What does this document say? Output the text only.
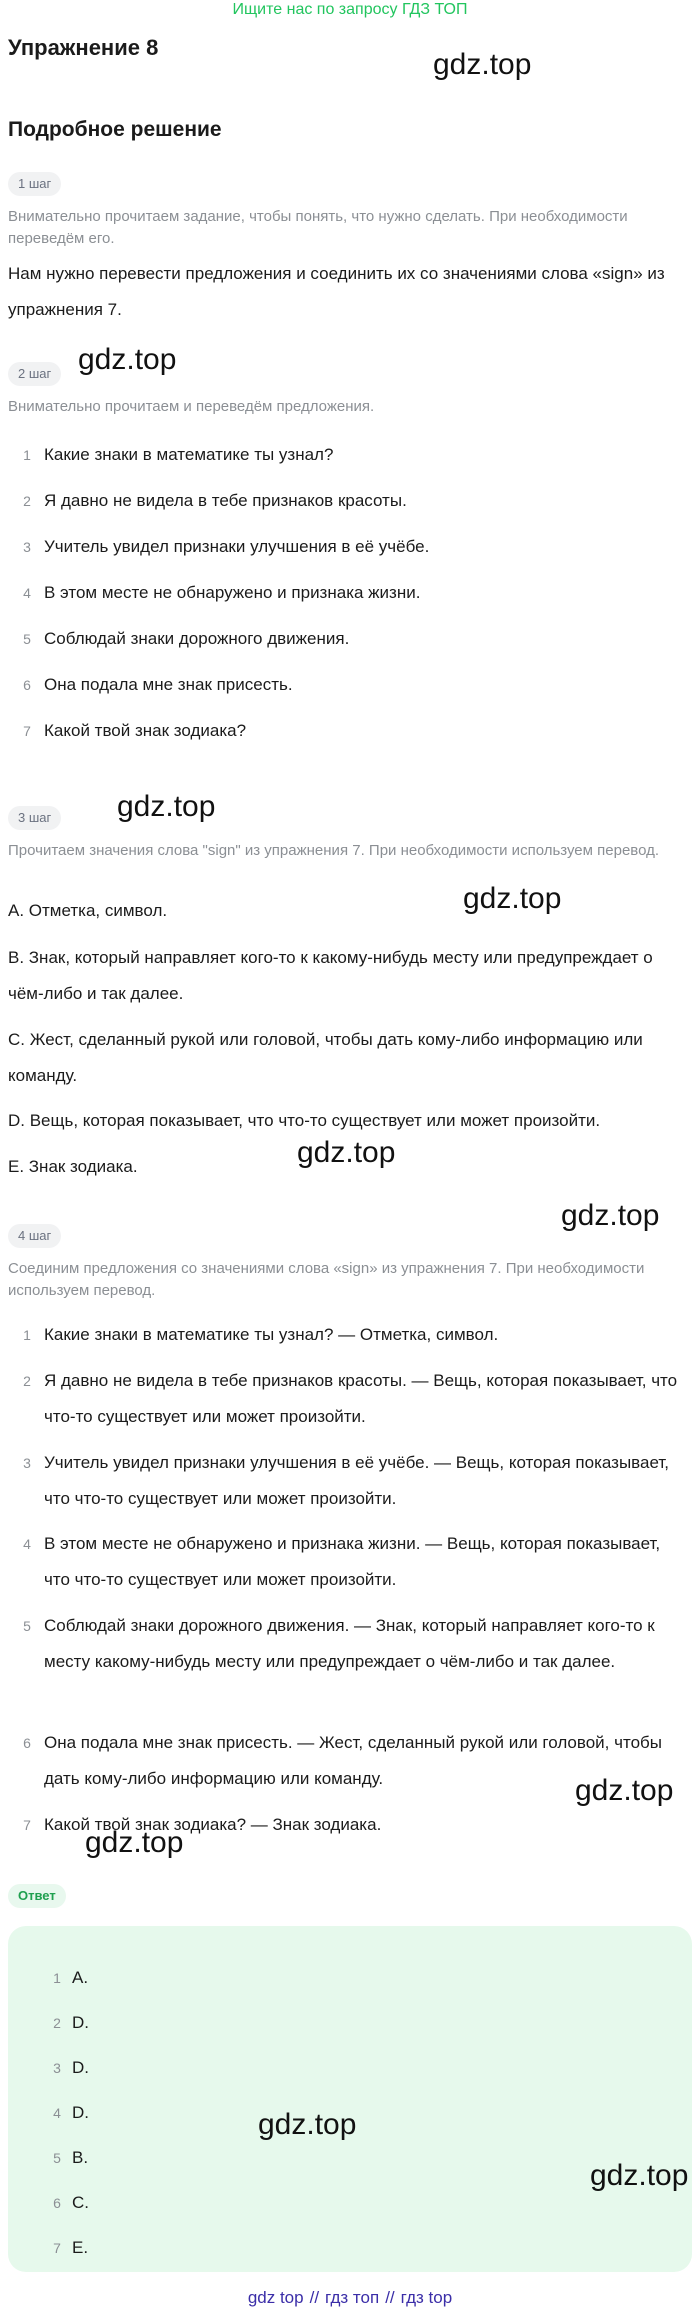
Ищите нас по запросу ГДЗ ТОП
Упражнение 8
gdz.top
Подробное решение
1 шаг
Внимательно прочитаем задание, чтобы понять, что нужно сделать. При необходимости переведём его.
Нам нужно перевести предложения и соединить их со значениями слова «sign» из упражнения 7.
gdz.top
2 шаг
Внимательно прочитаем и переведём предложения.
1 Какие знаки в математике ты узнал?
2 Я давно не видела в тебе признаков красоты.
3 Учитель увидел признаки улучшения в её учёбе.
4 В этом месте не обнаружено и признака жизни.
5 Соблюдай знаки дорожного движения.
6 Она подала мне знак присесть.
7 Какой твой знак зодиака?
3 шаг	gdz.top
Прочитаем значения слова "sign" из упражнения 7. При необходимости используем перевод.
gdz.top
A. Отметка, символ.
B. Знак, который направляет кого-то к какому-нибудь месту или предупреждает о чём-либо и так далее.
C. Жест, сделанный рукой или головой, чтобы дать кому-либо информацию или команду.
D. Вещь, которая показывает, что что-то существует или может произойти.
gdz.top
E. Знак зодиака.
gdz.top
4 шаг
Соединим предложения со значениями слова «sign» из упражнения 7. При необходимости используем перевод.
1 Какие знаки в математике ты узнал? — Отметка, символ.
2 Я давно не видела в тебе признаков красоты. — Вещь, которая показывает, что что-то существует или может произойти.
3 Учитель увидел признаки улучшения в её учёбе. — Вещь, которая показывает, что что-то существует или может произойти.
4 В этом месте не обнаружено и признака жизни. — Вещь, которая показывает, что что-то существует или может произойти.
5 Соблюдай знаки дорожного движения. — Знак, который направляет кого-то к месту какому-нибудь месту или предупреждает о чём-либо и так далее.
6 Она подала мне знак присесть. — Жест, сделанный рукой или головой, чтобы дать кому-либо информацию или команду.
7 Какой твой знак зодиака? — Знак зодиака.
gdz.top
gdz.top
Ответ
1 A.
2 D.
3 D.
4 D.
5 B.
6 C.
7 E.
gdz.top
gdz.top
gdz top // гдз топ // гдз top
